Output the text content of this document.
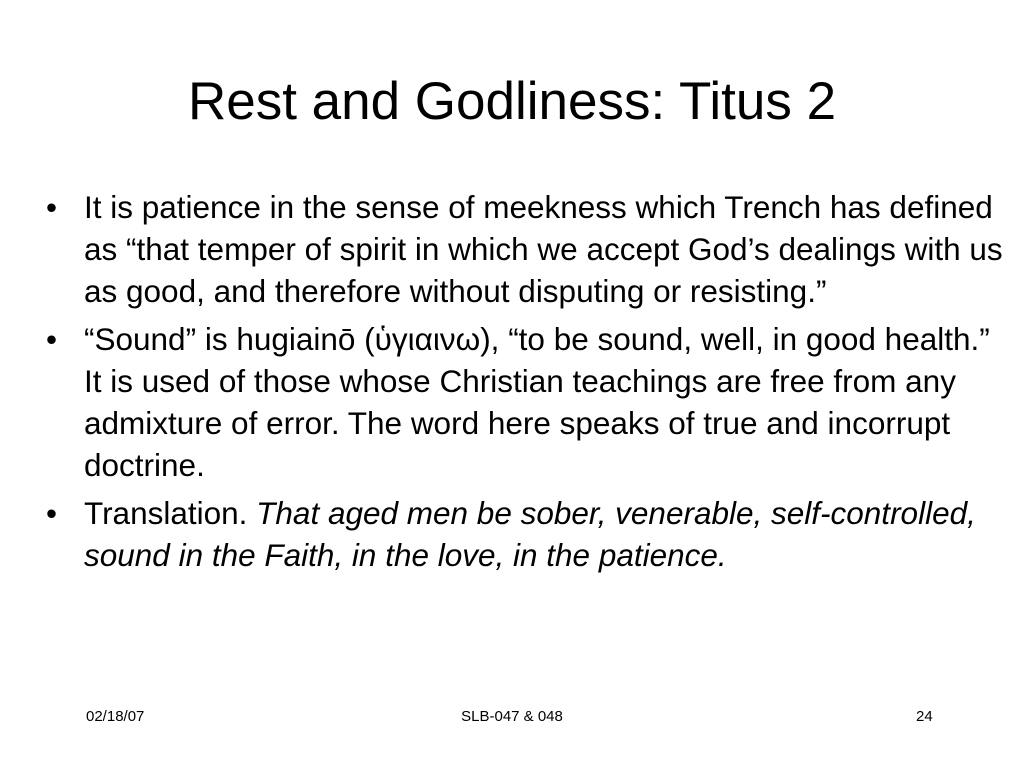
Rest and Godliness: Titus 2
• It is patience in the sense of meekness which Trench has defined as “that temper of spirit in which we accept God’s dealings with us as good, and therefore without disputing or resisting.”
• “Sound” is hugiainō (ὑγιαινω), “to be sound, well, in good health.” It is used of those whose Christian teachings are free from any admixture of error. The word here speaks of true and incorrupt doctrine.
• Translation. That aged men be sober, venerable, self-controlled, sound in the Faith, in the love, in the patience.
02/18/07	SLB-047 & 048	24
